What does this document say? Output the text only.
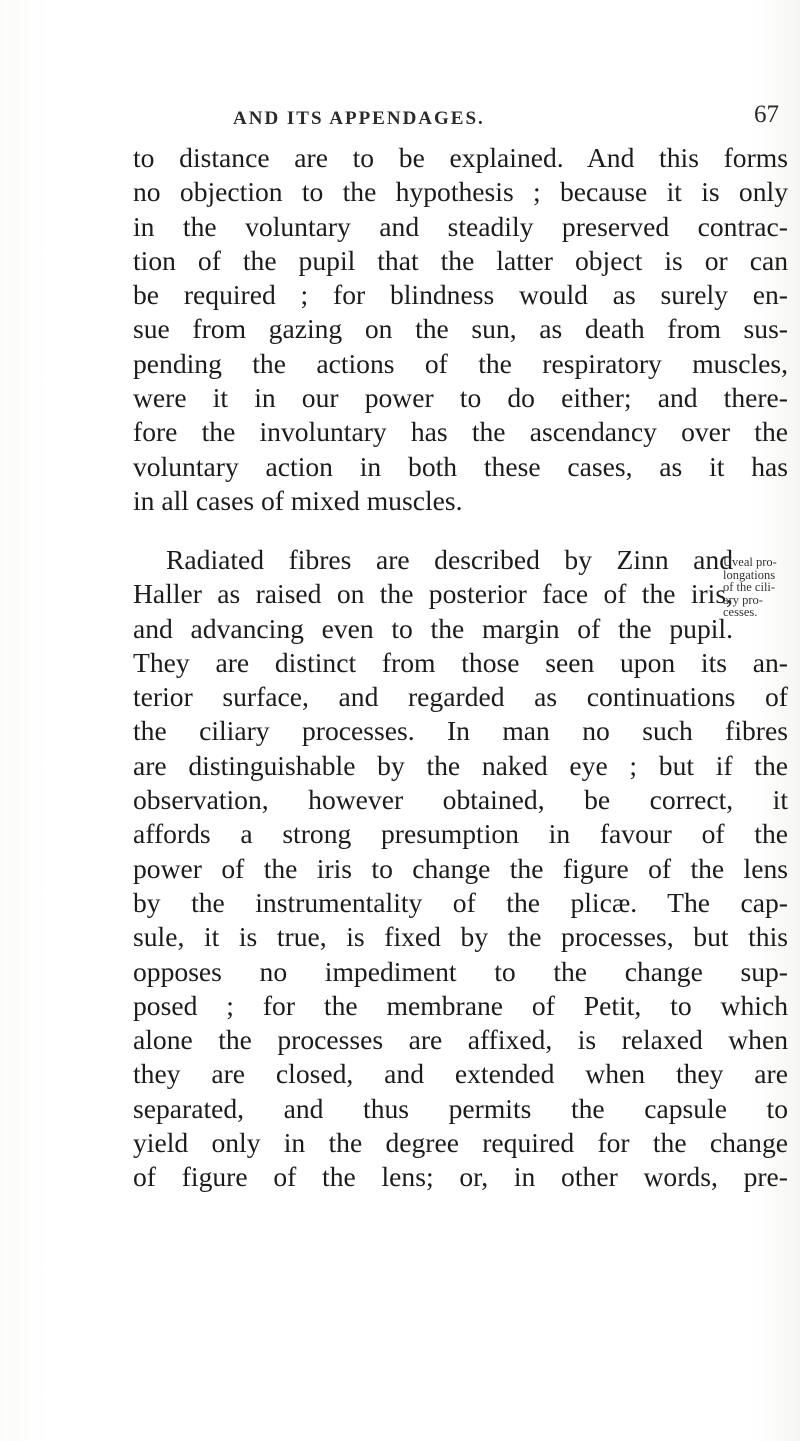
AND ITS APPENDAGES.	67
to distance are to be explained. And this forms
no objection to the hypothesis ; because it is only
in the voluntary and steadily preserved contrac-
tion of the pupil that the latter object is or can
be required ; for blindness would as surely en-
sue from gazing on the sun, as death from sus-
pending the actions of the respiratory muscles,
were it in our power to do either; and there-
fore the involuntary has the ascendancy over the
voluntary action in both these cases, as it has
in all cases of mixed muscles.
Radiated fibres are described by Zinn and
Haller as raised on the posterior face of the iris,
and advancing even to the margin of the pupil.
They are distinct from those seen upon its an-
terior surface, and regarded as continuations of
the ciliary processes. In man no such fibres
are distinguishable by the naked eye ; but if the
observation, however obtained, be correct, it
affords a strong presumption in favour of the
power of the iris to change the figure of the lens
by the instrumentality of the plicæ. The cap-
sule, it is true, is fixed by the processes, but this
opposes no impediment to the change sup-
posed ; for the membrane of Petit, to which
alone the processes are affixed, is relaxed when
they are closed, and extended when they are
separated, and thus permits the capsule to
yield only in the degree required for the change
of figure of the lens; or, in other words, pre-
Uveal pro-
longations
of the cili-
ary pro-
cesses.
